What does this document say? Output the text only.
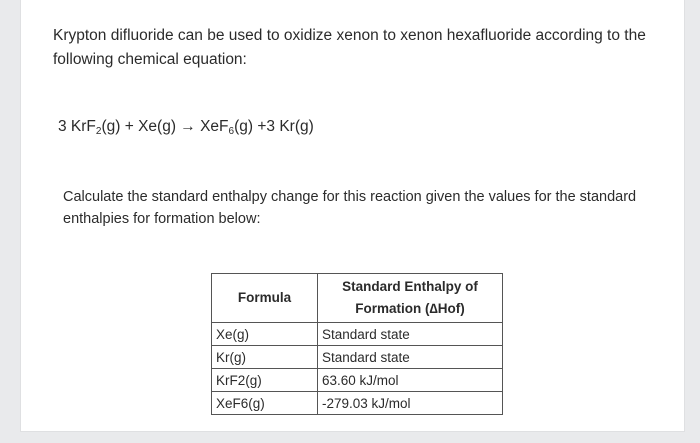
Krypton difluoride can be used to oxidize xenon to xenon hexafluoride according to the following chemical equation:

3 KrF$_2$(g) + Xe(g) → XeF$_6$(g) +3 Kr(g)

Calculate the standard enthalpy change for this reaction given the values for the standard enthalpies for formation below:

Formula	Standard Enthalpy of
Formation (∆Hof)
Xe(g)	Standard state
Kr(g)	Standard state
KrF2(g)	63.60 kJ/mol
XeF6(g)	-279.03 kJ/mol
